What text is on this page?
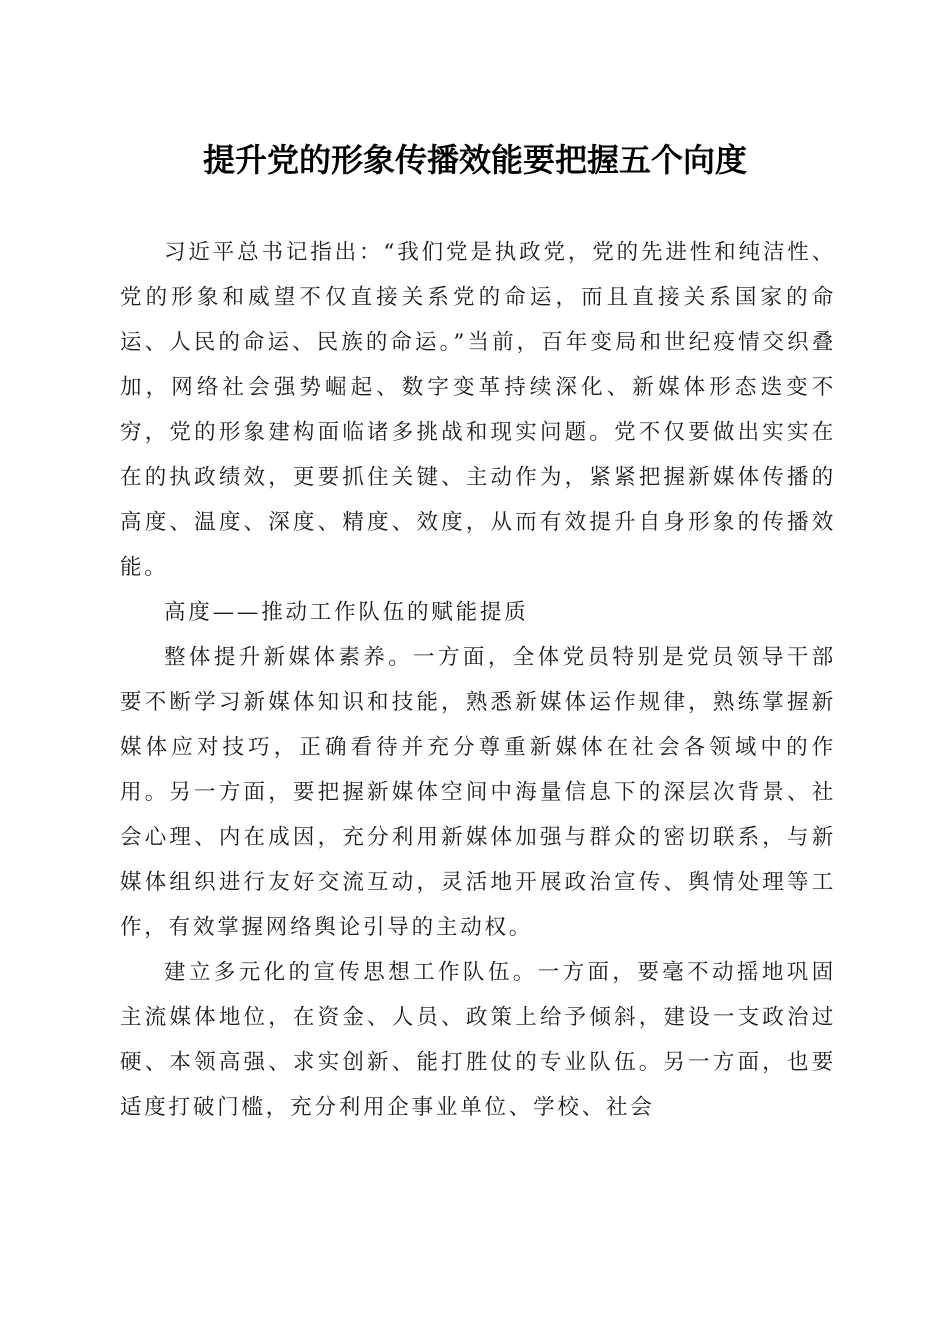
提升党的形象传播效能要把握五个向度

习近平总书记指出：“我们党是执政党，党的先进性和纯洁性、党的形象和威望不仅直接关系党的命运，而且直接关系国家的命运、人民的命运、民族的命运。”当前，百年变局和世纪疫情交织叠加，网络社会强势崛起、数字变革持续深化、新媒体形态迭变不穷，党的形象建构面临诸多挑战和现实问题。党不仅要做出实实在在的执政绩效，更要抓住关键、主动作为，紧紧把握新媒体传播的高度、温度、深度、精度、效度，从而有效提升自身形象的传播效能。

高度——推动工作队伍的赋能提质

整体提升新媒体素养。一方面，全体党员特别是党员领导干部要不断学习新媒体知识和技能，熟悉新媒体运作规律，熟练掌握新媒体应对技巧，正确看待并充分尊重新媒体在社会各领域中的作用。另一方面，要把握新媒体空间中海量信息下的深层次背景、社会心理、内在成因，充分利用新媒体加强与群众的密切联系，与新媒体组织进行友好交流互动，灵活地开展政治宣传、舆情处理等工作，有效掌握网络舆论引导的主动权。

建立多元化的宣传思想工作队伍。一方面，要毫不动摇地巩固主流媒体地位，在资金、人员、政策上给予倾斜，建设一支政治过硬、本领高强、求实创新、能打胜仗的专业队伍。另一方面，也要适度打破门槛，充分利用企事业单位、学校、社会
